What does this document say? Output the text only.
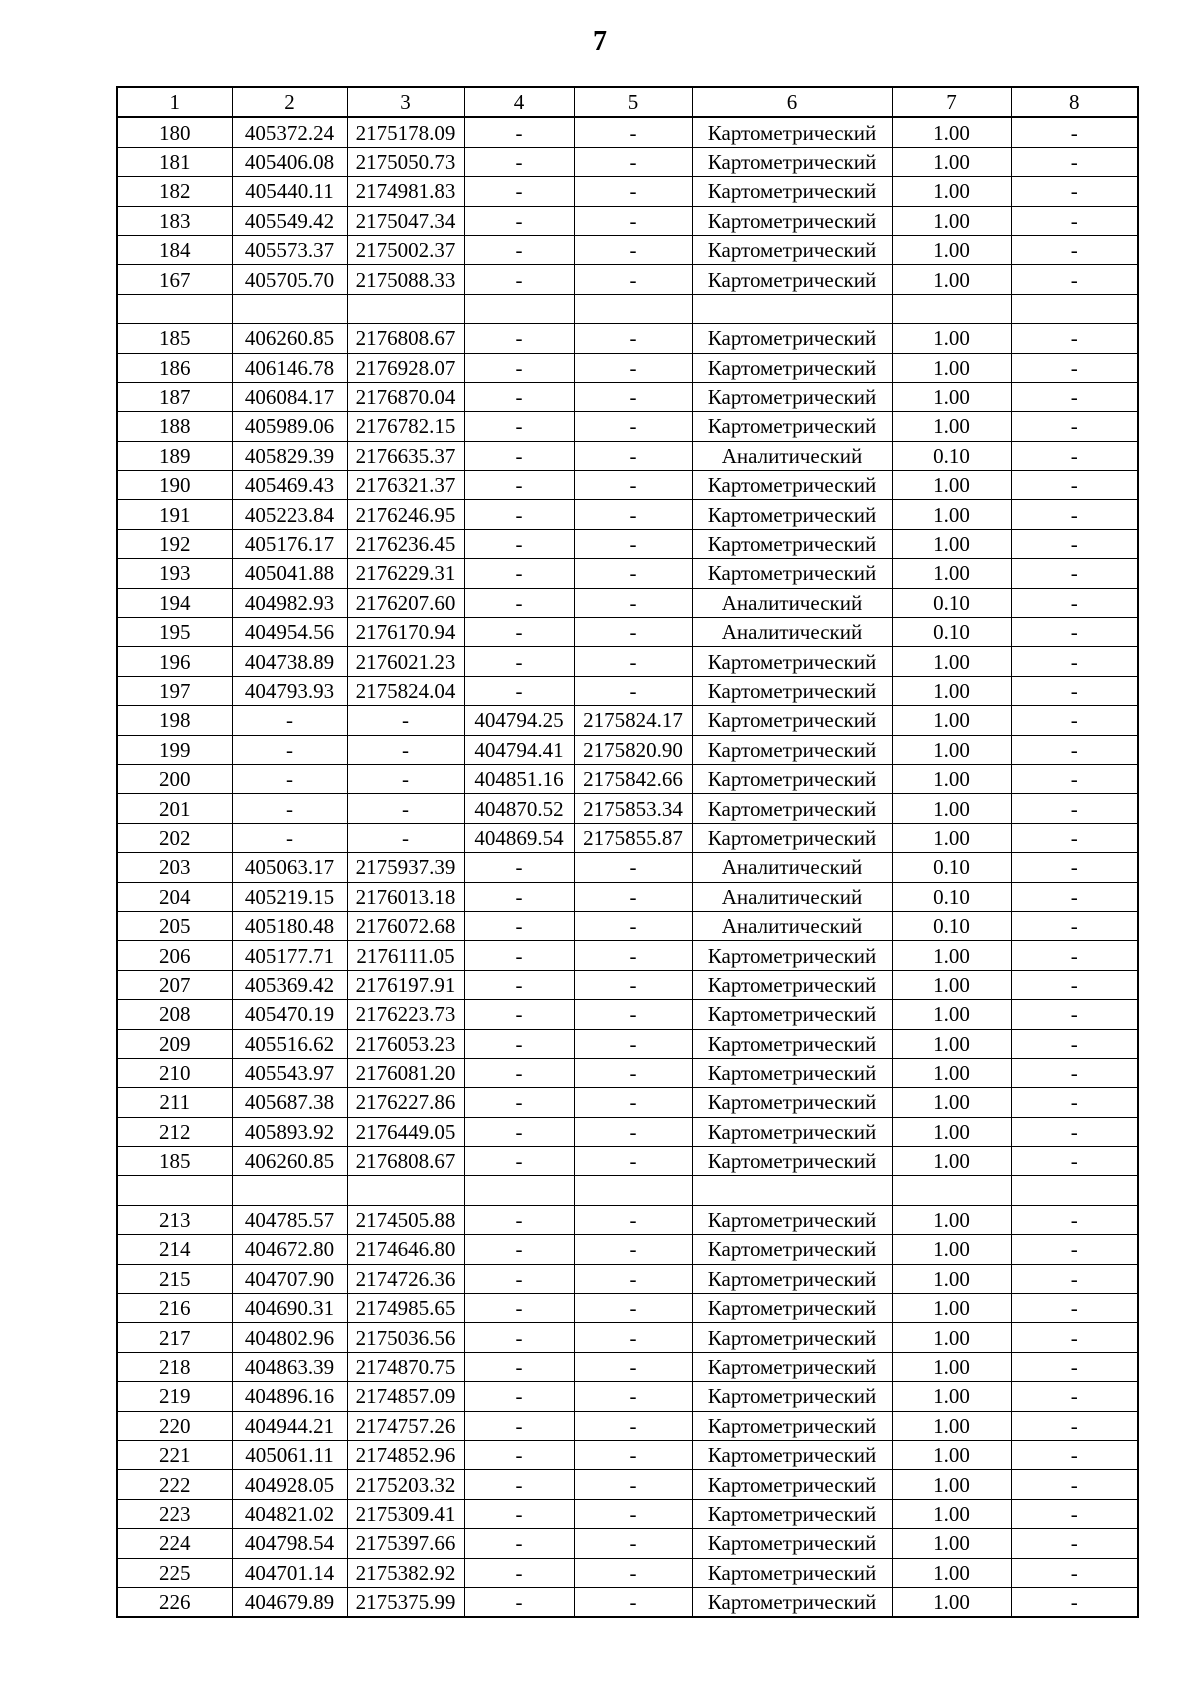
7
1	2	3	4	5	6	7	8
180	405372.24	2175178.09	-	-	Картометрический	1.00	-
181	405406.08	2175050.73	-	-	Картометрический	1.00	-
182	405440.11	2174981.83	-	-	Картометрический	1.00	-
183	405549.42	2175047.34	-	-	Картометрический	1.00	-
184	405573.37	2175002.37	-	-	Картометрический	1.00	-
167	405705.70	2175088.33	-	-	Картометрический	1.00	-

185	406260.85	2176808.67	-	-	Картометрический	1.00	-
186	406146.78	2176928.07	-	-	Картометрический	1.00	-
187	406084.17	2176870.04	-	-	Картометрический	1.00	-
188	405989.06	2176782.15	-	-	Картометрический	1.00	-
189	405829.39	2176635.37	-	-	Аналитический	0.10	-
190	405469.43	2176321.37	-	-	Картометрический	1.00	-
191	405223.84	2176246.95	-	-	Картометрический	1.00	-
192	405176.17	2176236.45	-	-	Картометрический	1.00	-
193	405041.88	2176229.31	-	-	Картометрический	1.00	-
194	404982.93	2176207.60	-	-	Аналитический	0.10	-
195	404954.56	2176170.94	-	-	Аналитический	0.10	-
196	404738.89	2176021.23	-	-	Картометрический	1.00	-
197	404793.93	2175824.04	-	-	Картометрический	1.00	-
198	-	-	404794.25	2175824.17	Картометрический	1.00	-
199	-	-	404794.41	2175820.90	Картометрический	1.00	-
200	-	-	404851.16	2175842.66	Картометрический	1.00	-
201	-	-	404870.52	2175853.34	Картометрический	1.00	-
202	-	-	404869.54	2175855.87	Картометрический	1.00	-
203	405063.17	2175937.39	-	-	Аналитический	0.10	-
204	405219.15	2176013.18	-	-	Аналитический	0.10	-
205	405180.48	2176072.68	-	-	Аналитический	0.10	-
206	405177.71	2176111.05	-	-	Картометрический	1.00	-
207	405369.42	2176197.91	-	-	Картометрический	1.00	-
208	405470.19	2176223.73	-	-	Картометрический	1.00	-
209	405516.62	2176053.23	-	-	Картометрический	1.00	-
210	405543.97	2176081.20	-	-	Картометрический	1.00	-
211	405687.38	2176227.86	-	-	Картометрический	1.00	-
212	405893.92	2176449.05	-	-	Картометрический	1.00	-
185	406260.85	2176808.67	-	-	Картометрический	1.00	-

213	404785.57	2174505.88	-	-	Картометрический	1.00	-
214	404672.80	2174646.80	-	-	Картометрический	1.00	-
215	404707.90	2174726.36	-	-	Картометрический	1.00	-
216	404690.31	2174985.65	-	-	Картометрический	1.00	-
217	404802.96	2175036.56	-	-	Картометрический	1.00	-
218	404863.39	2174870.75	-	-	Картометрический	1.00	-
219	404896.16	2174857.09	-	-	Картометрический	1.00	-
220	404944.21	2174757.26	-	-	Картометрический	1.00	-
221	405061.11	2174852.96	-	-	Картометрический	1.00	-
222	404928.05	2175203.32	-	-	Картометрический	1.00	-
223	404821.02	2175309.41	-	-	Картометрический	1.00	-
224	404798.54	2175397.66	-	-	Картометрический	1.00	-
225	404701.14	2175382.92	-	-	Картометрический	1.00	-
226	404679.89	2175375.99	-	-	Картометрический	1.00	-
